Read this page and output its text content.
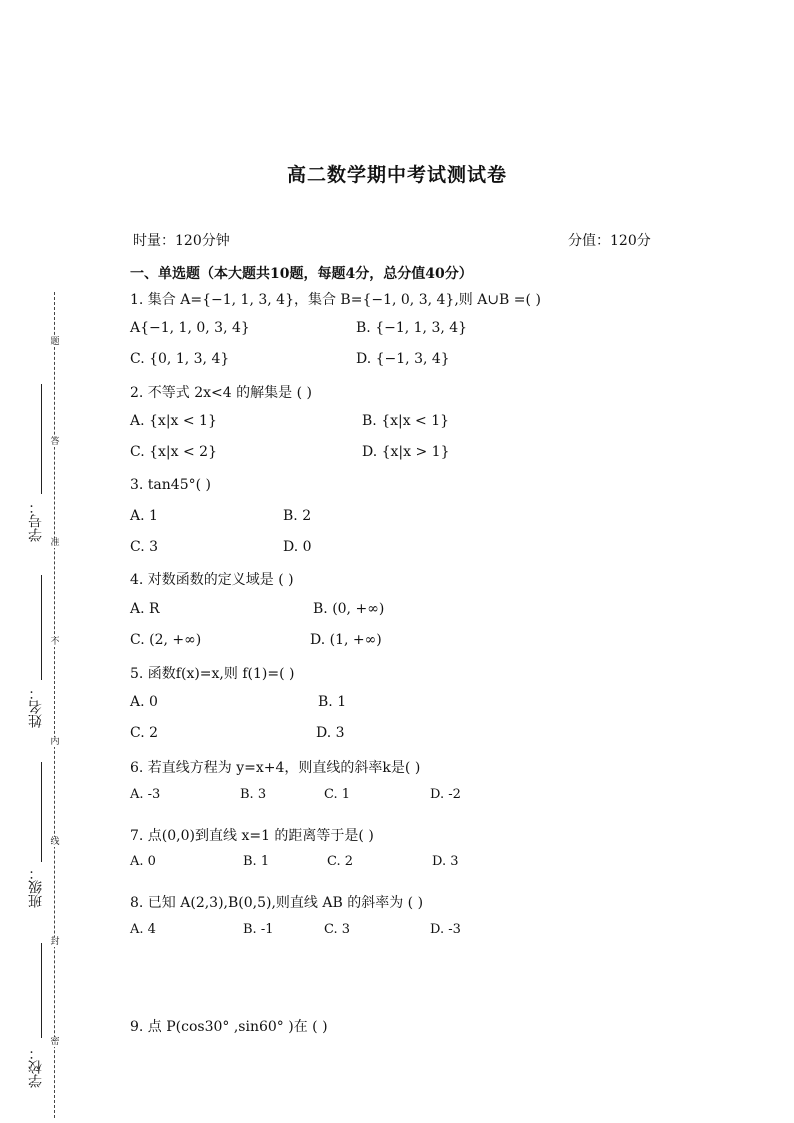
题
答
准
不
内
线
封
密
学号：
姓名：
班级：
学校：
高二数学期中考试测试卷
时量：120分钟	分值：120分
一、单选题（本大题共10题，每题4分，总分值40分）
1. 集合 A={−1, 1, 3, 4}，集合 B={−1, 0, 3, 4},则 A∪B =( )
A{−1, 1, 0, 3, 4}	B. {−1, 1, 3, 4}
C. {0, 1, 3, 4}	D. {−1, 3, 4}
2. 不等式 2x<4 的解集是 ( )
A. {x|x < 1}	B. {x|x < 1}
C. {x|x < 2}	D. {x|x > 1}
3. tan45°( )
A. 1	B. 2
C. 3	D. 0
4. 对数函数的定义域是 ( )
A. R	B. (0, +∞)
C. (2, +∞)	D. (1, +∞)
5. 函数f(x)=x,则 f(1)=( )
A. 0	B. 1
C. 2	D. 3
6. 若直线方程为 y=x+4，则直线的斜率k是( )
A. -3	B. 3	C. 1	D. -2
7. 点(0,0)到直线 x=1 的距离等于是( )
A. 0	B. 1	C. 2	D. 3
8. 已知 A(2,3),B(0,5),则直线 AB 的斜率为 ( )
A. 4	B. -1	C. 3	D. -3
9. 点 P(cos30° ,sin60° )在 ( )
